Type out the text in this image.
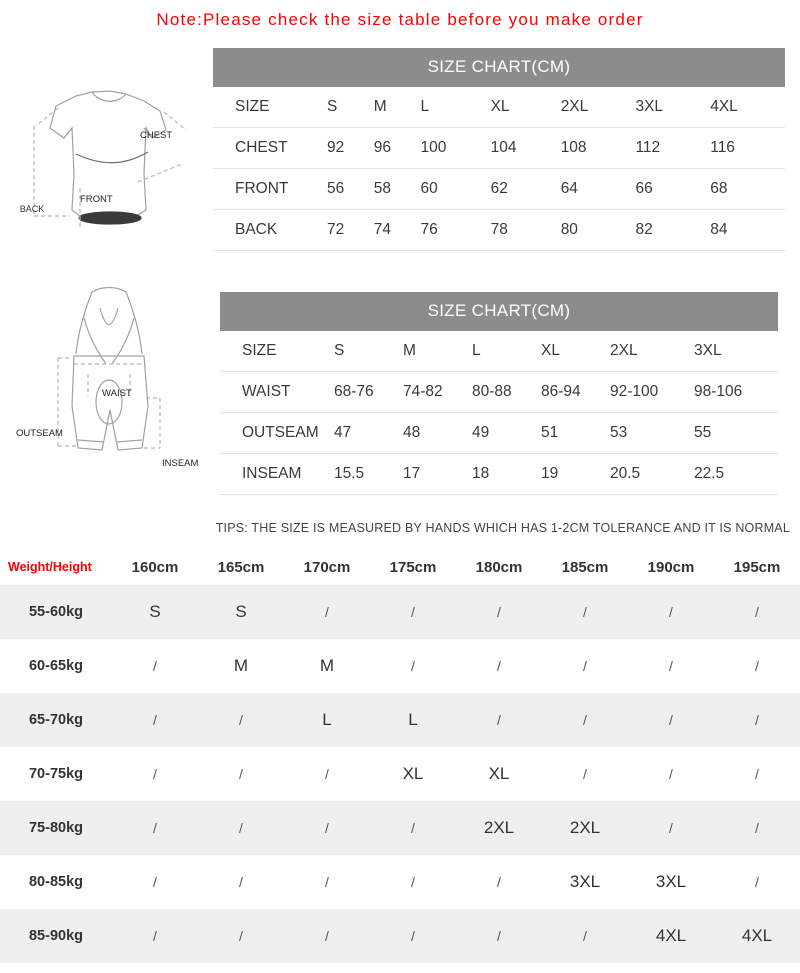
Note:Please check the size table before you make order
BACK
CHEST
FRONT
WAIST
OUTSEAM
INSEAM
SIZE CHART(CM)
SIZE	S	M	L	XL	2XL	3XL	4XL
CHEST	92	96	100	104	108	112	116
FRONT	56	58	60	62	64	66	68
BACK	72	74	76	78	80	82	84
SIZE CHART(CM)
SIZE	S	M	L	XL	2XL	3XL
WAIST	68-76	74-82	80-88	86-94	92-100	98-106
OUTSEAM	47	48	49	51	53	55
INSEAM	15.5	17	18	19	20.5	22.5
TIPS: THE SIZE IS MEASURED BY HANDS WHICH HAS 1-2CM TOLERANCE AND IT IS NORMAL
Weight/Height	160cm	165cm	170cm	175cm	180cm	185cm	190cm	195cm
55-60kg	S	S	/	/	/	/	/	/
60-65kg	/	M	M	/	/	/	/	/
65-70kg	/	/	L	L	/	/	/	/
70-75kg	/	/	/	XL	XL	/	/	/
75-80kg	/	/	/	/	2XL	2XL	/	/
80-85kg	/	/	/	/	/	3XL	3XL	/
85-90kg	/	/	/	/	/	/	4XL	4XL
